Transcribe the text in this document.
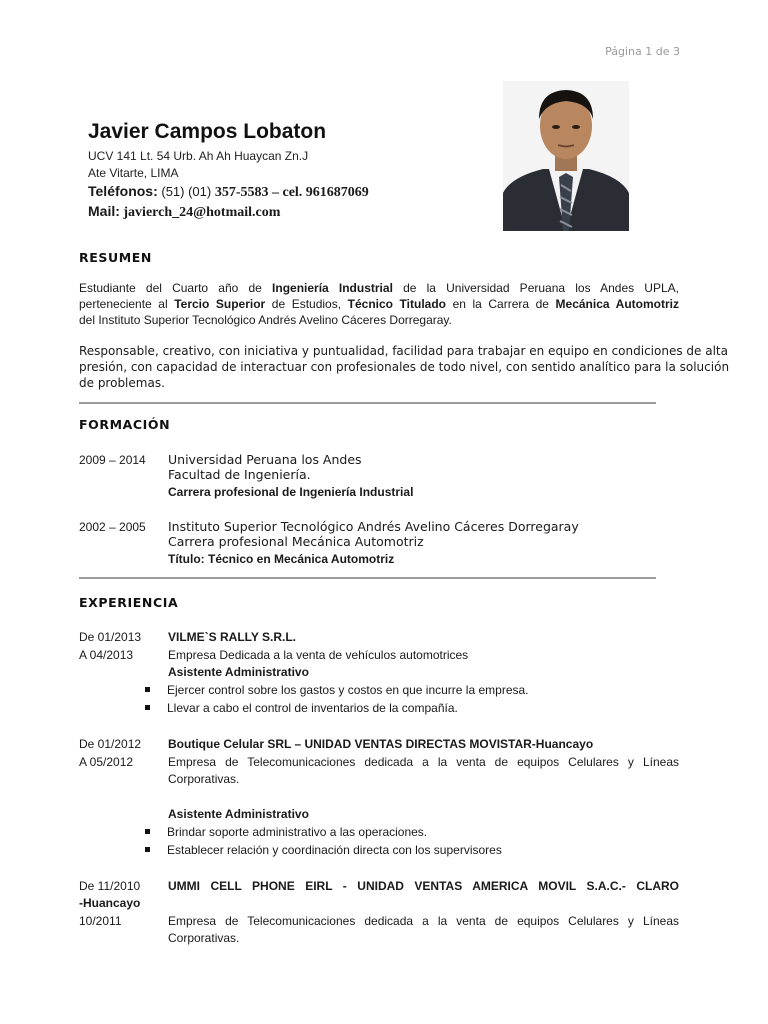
Página 1 de 3
Javier Campos Lobaton
UCV 141 Lt. 54 Urb. Ah Ah Huaycan Zn.J
Ate Vitarte, LIMA
Teléfonos: (51) (01) 357-5583 – cel. 961687069
Mail: javierch_24@hotmail.com
RESUMEN
Estudiante del Cuarto año de Ingeniería Industrial de la Universidad Peruana los Andes UPLA,
perteneciente al Tercio Superior de Estudios, Técnico Titulado en la Carrera de Mecánica Automotriz
del Instituto Superior Tecnológico Andrés Avelino Cáceres Dorregaray.
Responsable, creativo, con iniciativa y puntualidad, facilidad para trabajar en equipo en condiciones de alta
presión, con capacidad de interactuar con profesionales de todo nivel, con sentido analítico para la solución
de problemas.
FORMACIÓN
2009 – 2014 Universidad Peruana los Andes
Facultad de Ingeniería.
Carrera profesional de Ingeniería Industrial
2002 – 2005 Instituto Superior Tecnológico Andrés Avelino Cáceres Dorregaray
Carrera profesional Mecánica Automotriz
Título: Técnico en Mecánica Automotriz
EXPERIENCIA
De 01/2013
A 04/2013
VILME`S RALLY S.R.L.
Empresa Dedicada a la venta de vehículos automotrices
Asistente Administrativo
Ejercer control sobre los gastos y costos en que incurre la empresa.
Llevar a cabo el control de inventarios de la compañía.
De 01/2012
A 05/2012
Boutique Celular SRL – UNIDAD VENTAS DIRECTAS MOVISTAR-Huancayo
Empresa de Telecomunicaciones dedicada a la venta de equipos Celulares y Líneas
Corporativas.
Asistente Administrativo
Brindar soporte administrativo a las operaciones.
Establecer relación y coordinación directa con los supervisores
De 11/2010
-Huancayo
10/2011
UMMI CELL PHONE EIRL - UNIDAD VENTAS AMERICA MOVIL S.A.C.- CLARO
Empresa de Telecomunicaciones dedicada a la venta de equipos Celulares y Líneas
Corporativas.
